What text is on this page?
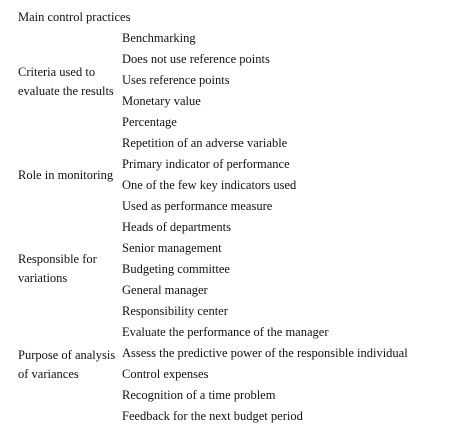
Main control practices
Criteria used to evaluate the results
Benchmarking
Does not use reference points
Uses reference points
Monetary value
Percentage
Role in monitoring
Repetition of an adverse variable
Primary indicator of performance
One of the few key indicators used
Used as performance measure
Responsible for variations
Heads of departments
Senior management
Budgeting committee
General manager
Responsibility center
Purpose of analysis of variances
Evaluate the performance of the manager
Assess the predictive power of the responsible individual
Control expenses
Recognition of a time problem
Feedback for the next budget period
